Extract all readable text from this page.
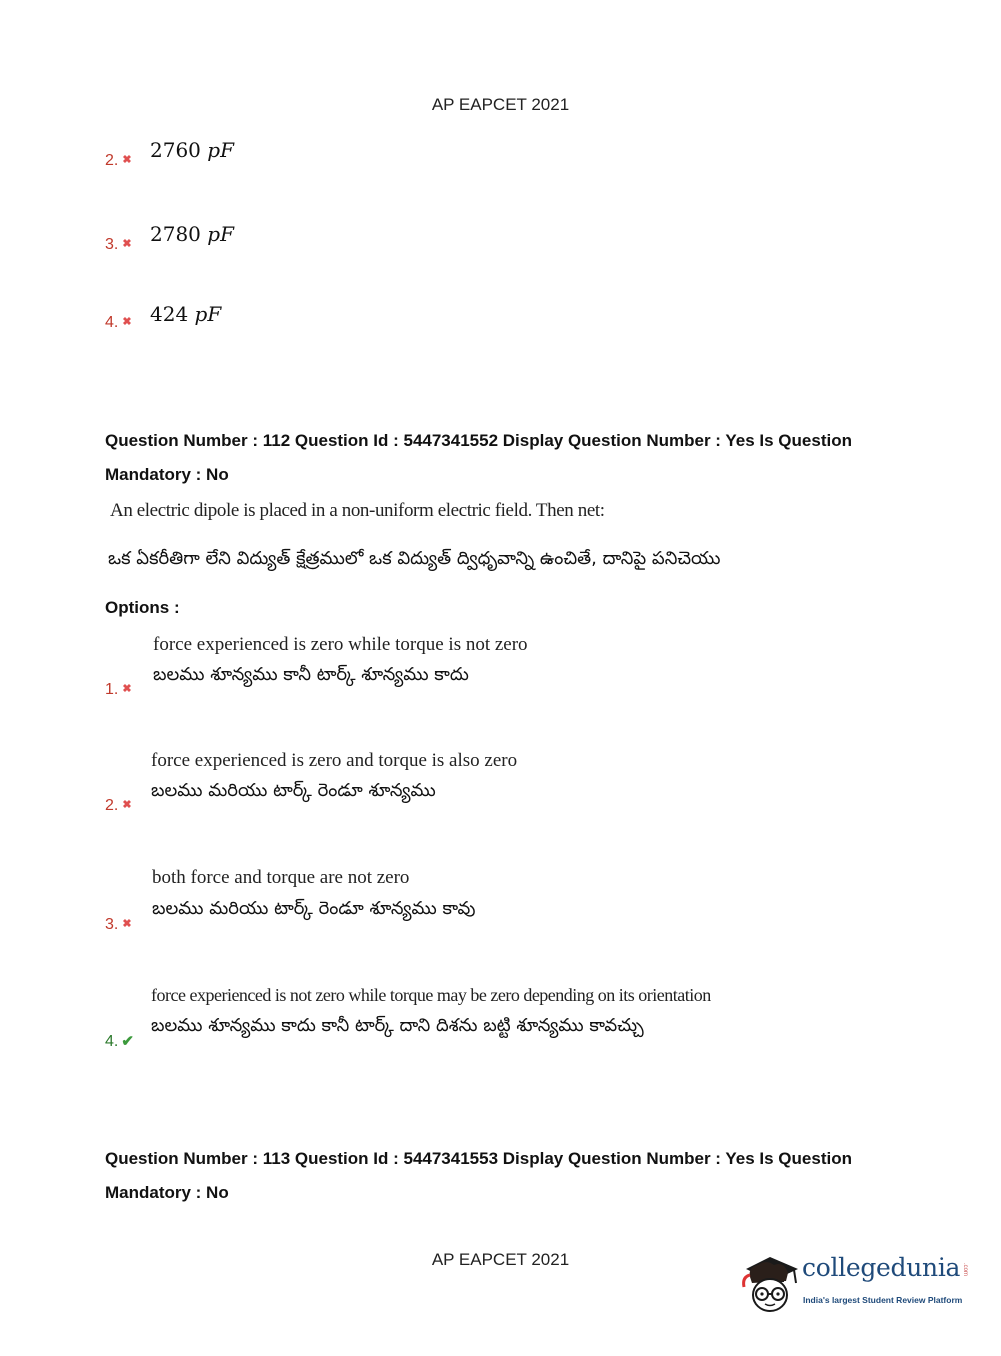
AP EAPCET 2021
2. ✖ 2760 pF
3. ✖ 2780 pF
4. ✖ 424 pF
Question Number : 112 Question Id : 5447341552 Display Question Number : Yes Is Question
Mandatory : No
An electric dipole is placed in a non-uniform electric field. Then net:
ఒక ఏకరీతిగా లేని విద్యుత్ క్షేత్రములో ఒక విద్యుత్ ద్విధృవాన్ని ఉంచితే, దానిపై పనిచెయు
Options :
force experienced is zero while torque is not zero
బలము శూన్యము కానీ టార్క్ శూన్యము కాదు
1. ✖
force experienced is zero and torque is also zero
బలము మరియు టార్క్ రెండూ శూన్యము
2. ✖
both force and torque are not zero
బలము మరియు టార్క్ రెండూ శూన్యము కావు
3. ✖
force experienced is not zero while torque may be zero depending on its orientation
బలము శూన్యము కాదు కానీ టార్క్ దాని దిశను బట్టి శూన్యము కావచ్చు
4. ✔
Question Number : 113 Question Id : 5447341553 Display Question Number : Yes Is Question
Mandatory : No
AP EAPCET 2021	collegedunia .com
India's largest Student Review Platform
